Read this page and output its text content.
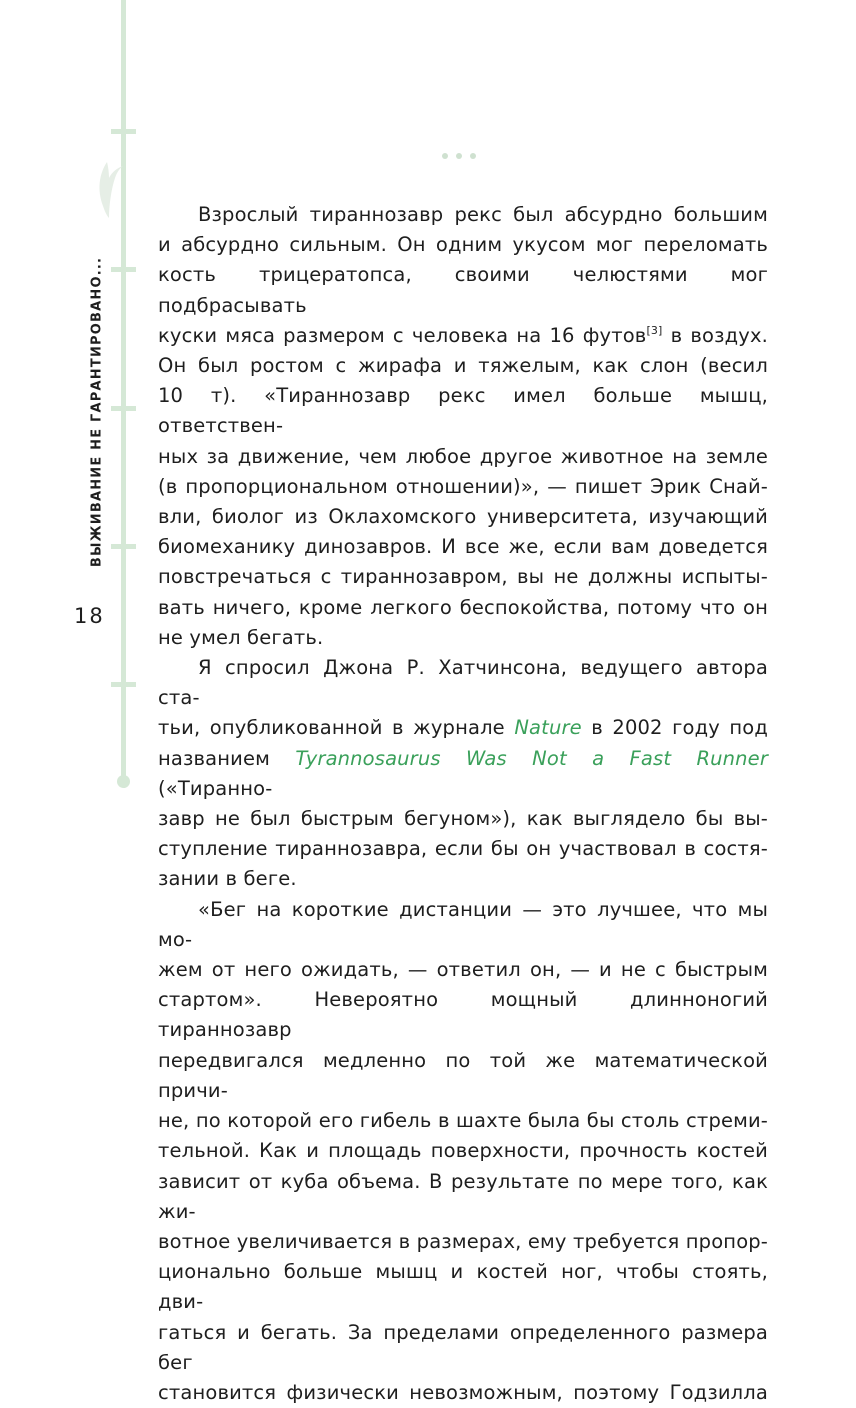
ВЫЖИВАНИЕ НЕ ГАРАНТИРОВАНО...
18
Взрослый тираннозавр рекс был абсурдно большим
и абсурдно сильным. Он одним укусом мог переломать
кость трицератопса, своими челюстями мог подбрасывать
куски мяса размером с человека на 16 футов[3] в воздух.
Он был ростом с жирафа и тяжелым, как слон (весил
10 т). «Тираннозавр рекс имел больше мышц, ответствен-
ных за движение, чем любое другое животное на земле
(в пропорциональном отношении)», — пишет Эрик Снай-
вли, биолог из Оклахомского университета, изучающий
биомеханику динозавров. И все же, если вам доведется
повстречаться с тираннозавром, вы не должны испыты-
вать ничего, кроме легкого беспокойства, потому что он
не умел бегать.
Я спросил Джона Р. Хатчинсона, ведущего автора ста-
тьи, опубликованной в журнале Nature в 2002 году под
названием Tyrannosaurus Was Not a Fast Runner («Тиранно-
завр не был быстрым бегуном»), как выглядело бы вы-
ступление тираннозавра, если бы он участвовал в состя-
зании в беге.
«Бег на короткие дистанции — это лучшее, что мы мо-
жем от него ожидать, — ответил он, — и не с быстрым
стартом». Невероятно мощный длинноногий тираннозавр
передвигался медленно по той же математической причи-
не, по которой его гибель в шахте была бы столь стреми-
тельной. Как и площадь поверхности, прочность костей
зависит от куба объема. В результате по мере того, как жи-
вотное увеличивается в размерах, ему требуется пропор-
ционально больше мышц и костей ног, чтобы стоять, дви-
гаться и бегать. За пределами определенного размера бег
становится физически невозможным, поэтому Годзилла
